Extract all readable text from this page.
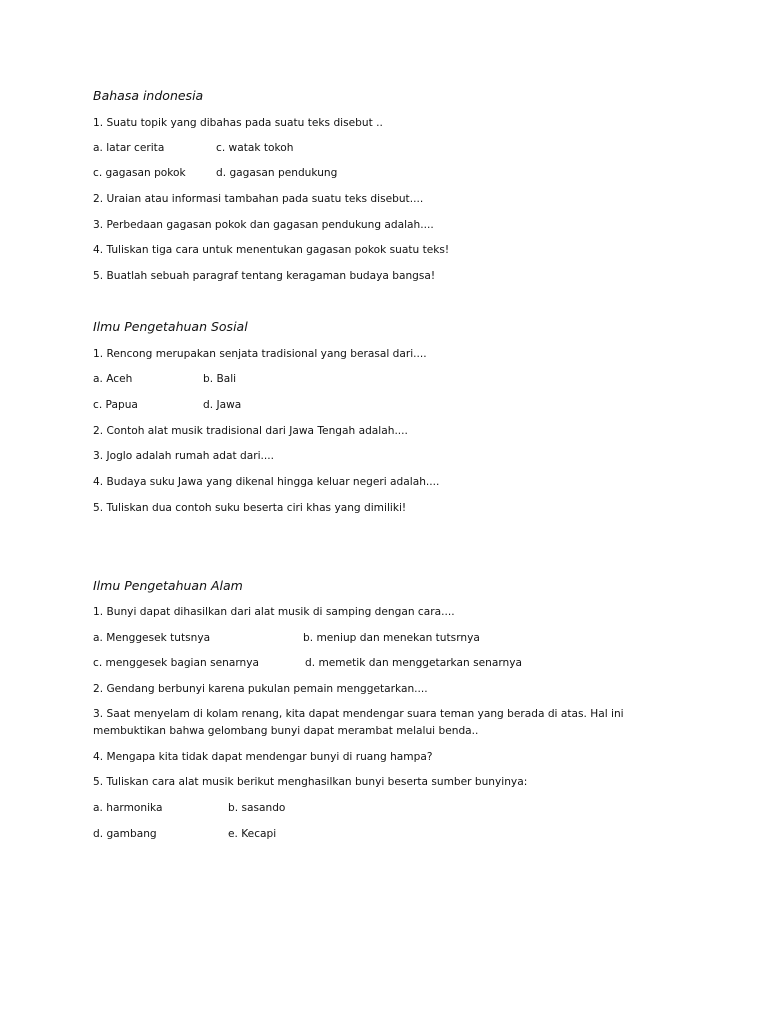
Bahasa indonesia
1. Suatu topik yang dibahas pada suatu teks disebut ..
a. latar cerita	c. watak tokoh
c. gagasan pokok	d. gagasan pendukung
2. Uraian atau informasi tambahan pada suatu teks disebut....
3. Perbedaan gagasan pokok dan gagasan pendukung adalah....
4. Tuliskan tiga cara untuk menentukan gagasan pokok suatu teks!
5. Buatlah sebuah paragraf tentang keragaman budaya bangsa!
Ilmu Pengetahuan Sosial
1. Rencong merupakan senjata tradisional yang berasal dari....
a. Aceh	b. Bali
c. Papua	d. Jawa
2. Contoh alat musik tradisional dari Jawa Tengah adalah....
3. Joglo adalah rumah adat dari....
4. Budaya suku Jawa yang dikenal hingga keluar negeri adalah....
5. Tuliskan dua contoh suku beserta ciri khas yang dimiliki!
Ilmu Pengetahuan Alam
1. Bunyi dapat dihasilkan dari alat musik di samping dengan cara....
a. Menggesek tutsnya	b. meniup dan menekan tutsrnya
c. menggesek bagian senarnya	d. memetik dan menggetarkan senarnya
2. Gendang berbunyi karena pukulan pemain menggetarkan....
3. Saat menyelam di kolam renang, kita dapat mendengar suara teman yang berada di atas. Hal ini membuktikan bahwa gelombang bunyi dapat merambat melalui benda..
4. Mengapa kita tidak dapat mendengar bunyi di ruang hampa?
5. Tuliskan cara alat musik berikut menghasilkan bunyi beserta sumber bunyinya:
a. harmonika	b. sasando
d. gambang	e. Kecapi
